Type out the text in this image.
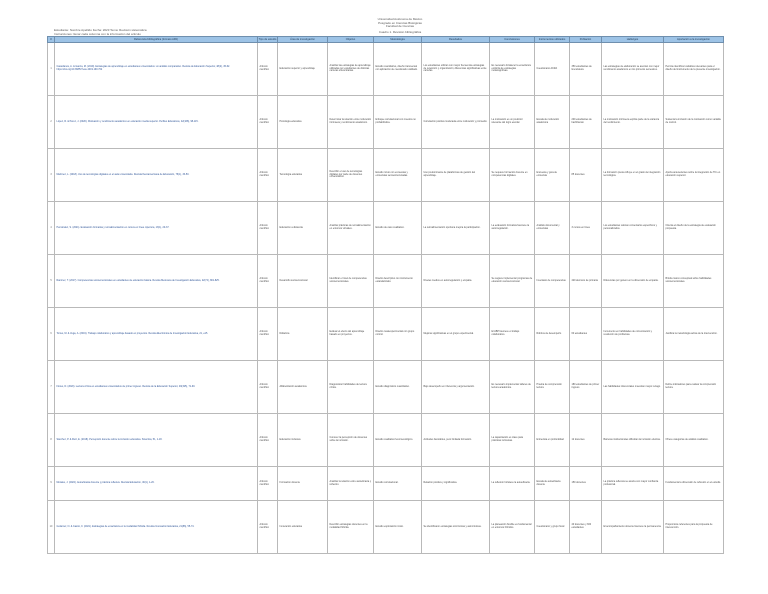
Universidad Autónoma de México
Posgrado en Ciencias Biológicas
Facultad de Ciencias
Cuadro 1. Revisión bibliográfica
Estudiante: Nombre Apellido Fecha: 2023 Tema: Revisión sistemática
Instrucciones: llenar cada columna con la información del artículo
#	Referencia bibliográfica (formato APA)	Tipo de estudio	Área de investigación	Objetivo	Metodología	Resultados	Conclusiones	Instrumentos utilizados	Población	Hallazgos	Aportación a la investigación

1	Castellanos, A. & García, M. (2019). Estrategias de aprendizaje en estudiantes universitarios: un análisis comparativo. Revista de Educación Superior, 48(2), 45-62. https://doi.org/10.36857/resu.2019.190.702	Artículo científico	Educación superior y aprendizaje	Analizar las estrategias de aprendizaje utilizadas por estudiantes de distintas carreras universitarias.	Estudio cuantitativo, diseño transversal con aplicación de cuestionario validado.	Los estudiantes utilizan con mayor frecuencia estrategias de repetición y organización; diferencias significativas entre carreras.	Es necesario fortalecer la enseñanza explícita de estrategias metacognitivas.	Cuestionario ACRA	350 estudiantes de licenciatura	Las estrategias de elaboración se asocian con mejor rendimiento académico en los primeros semestres.	Permite identificar variables relevantes para el diseño del instrumento de la presente investigación.

2	López, R. & Pérez, J. (2020). Motivación y rendimiento académico en educación media superior. Perfiles Educativos, 42(168), 98-115.	Artículo científico	Psicología educativa	Determinar la relación entre motivación intrínseca y rendimiento académico.	Enfoque correlacional con muestra no probabilística.	Correlación positiva moderada entre motivación y promedio.	La motivación es un predictor relevante del logro escolar.	Escala de motivación académica	200 estudiantes de bachillerato	La motivación intrínseca explica parte de la varianza del rendimiento.	Sustenta la inclusión de la motivación como variable de control.

3	Martínez, L. (2018). Uso de tecnologías digitales en el aula universitaria. Revista Iberoamericana de Educación, 76(1), 33-50.	Artículo científico	Tecnología educativa	Describir el uso de tecnologías digitales por parte de docentes universitarios.	Estudio mixto con encuestas y entrevistas semiestructuradas.	Uso predominante de plataformas de gestión del aprendizaje.	Se requiere formación docente en competencias digitales.	Encuesta y guía de entrevista	85 docentes	La formación previa influye en el grado de integración tecnológica.	Aporta antecedentes sobre la integración de TIC en educación superior.

4	Hernández, S. (2021). Evaluación formativa y retroalimentación en cursos en línea. Apertura, 13(1), 20-37.	Artículo científico	Educación a distancia	Analizar prácticas de retroalimentación en entornos virtuales.	Estudio de caso cualitativo.	La retroalimentación oportuna mejora la participación.	La evaluación formativa favorece la autorregulación.	Análisis documental y entrevistas	3 cursos en línea	Los estudiantes valoran comentarios específicos y personalizados.	Orienta el diseño de la estrategia de evaluación propuesta.

5	Ramírez, T. (2017). Competencias socioemocionales en estudiantes de educación básica. Revista Mexicana de Investigación Educativa, 22(74), 801-825.	Artículo científico	Desarrollo socioemocional	Identificar el nivel de competencias socioemocionales.	Diseño descriptivo con instrumento estandarizado.	Niveles medios en autorregulación y empatía.	Se sugiere implementar programas de educación socioemocional.	Inventario de competencias	420 alumnos de primaria	Diferencias por género en la dimensión de empatía.	Brinda marco conceptual sobre habilidades socioemocionales.

6	Torres, M. & Vega, A. (2019). Trabajo colaborativo y aprendizaje basado en proyectos. Revista Electrónica de Investigación Educativa, 21, e15.	Artículo científico	Didáctica	Evaluar el efecto del aprendizaje basado en proyectos.	Diseño cuasiexperimental con grupo control.	Mejoras significativas en el grupo experimental.	El ABP favorece el trabajo colaborativo.	Rúbrica de desempeño	60 estudiantes	Incremento en habilidades de comunicación y resolución de problemas.	Justifica la metodología activa de la intervención.

7	Flores, D. (2020). Lectura crítica en estudiantes universitarios de primer ingreso. Revista de la Educación Superior, 49(195), 71-90.	Artículo científico	Alfabetización académica	Diagnosticar habilidades de lectura crítica.	Estudio diagnóstico cuantitativo.	Bajo desempeño en inferencia y argumentación.	Es necesario implementar talleres de lectura académica.	Prueba de comprensión lectora	180 estudiantes de primer ingreso	Las habilidades inferenciales muestran mayor rezago.	Define indicadores para evaluar la comprensión lectora.

8	Sánchez, P. & Ruiz, E. (2018). Percepción docente sobre la inclusión educativa. Sinéctica, 51, 1-18.	Artículo científico	Educación inclusiva	Conocer la percepción de docentes sobre la inclusión.	Estudio cualitativo fenomenológico.	Actitudes favorables, pero limitada formación.	La capacitación es clave para prácticas inclusivas.	Entrevista en profundidad	12 docentes	Barreras institucionales dificultan la inclusión efectiva.	Ofrece categorías de análisis cualitativo.

9	Morales, J. (2022). Autoeficacia docente y práctica reflexiva. Revista Educación, 46(1), 1-20.	Artículo científico	Formación docente	Analizar la relación entre autoeficacia y reflexión.	Estudio correlacional.	Relación positiva y significativa.	La reflexión fortalece la autoeficacia.	Escala de autoeficacia docente	150 docentes	La práctica reflexiva se asocia con mayor confianza profesional.	Fundamenta la dimensión de reflexión en el estudio.

10	Gutiérrez, N. & Castro, F. (2021). Estrategias de enseñanza en la modalidad híbrida. Revista Innovación Educativa, 21(86), 55-74.	Artículo científico	Innovación educativa	Describir estrategias docentes en la modalidad híbrida.	Estudio exploratorio mixto.	Se identificaron estrategias sincrónicas y asincrónicas.	La planeación flexible es fundamental en entornos híbridos.	Cuestionario y grupo focal	40 docentes y 300 estudiantes	El acompañamiento docente favorece la permanencia.	Proporciona referentes para la propuesta de intervención.
